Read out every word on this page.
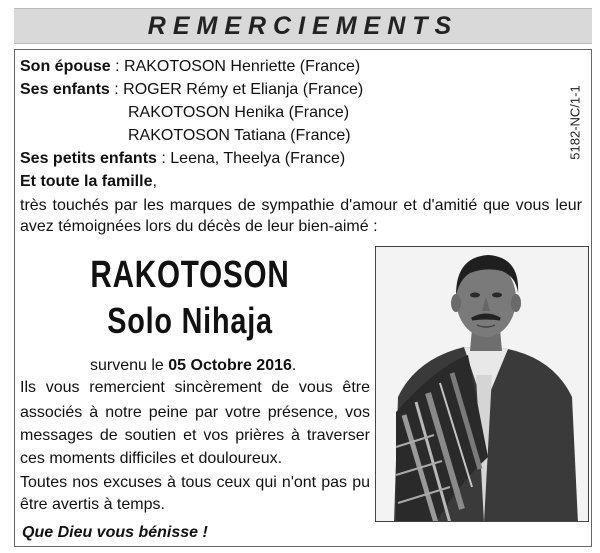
REMERCIEMENTS
5182-NC/1-1
Son épouse : RAKOTOSON Henriette (France)
Ses enfants : ROGER Rémy et Elianja (France)
RAKOTOSON Henika (France)
RAKOTOSON Tatiana (France)
Ses petits enfants : Leena, Theelya (France)
Et toute la famille,
très touchés par les marques de sympathie d'amour et d'amitié que vous leur
avez témoignées lors du décès de leur bien-aimé :
RAKOTOSON
Solo Nihaja
survenu le 05 Octobre 2016.
Ils vous remercient sincèrement de vous être
associés à notre peine par votre présence, vos
messages de soutien et vos prières à traverser
ces moments difficiles et douloureux.
Toutes nos excuses à tous ceux qui n'ont pas pu
être avertis à temps.
Que Dieu vous bénisse !
